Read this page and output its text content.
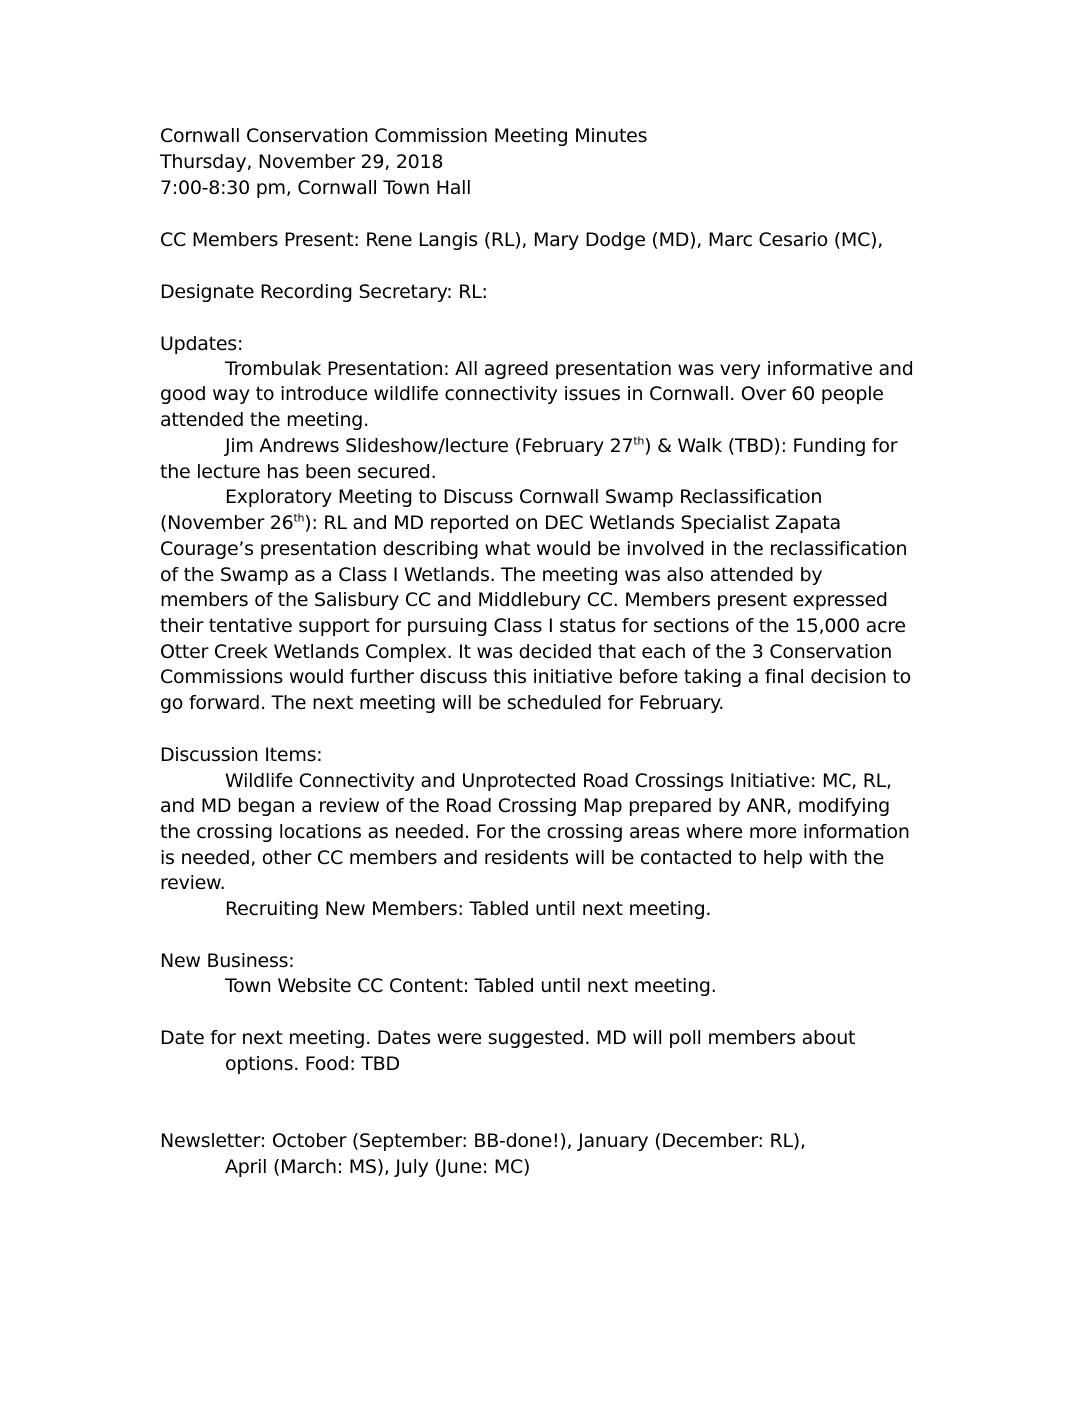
Cornwall Conservation Commission Meeting Minutes
Thursday, November 29, 2018
7:00-8:30 pm, Cornwall Town Hall
CC Members Present: Rene Langis (RL), Mary Dodge (MD), Marc Cesario (MC),
Designate Recording Secretary: RL:
Updates:
Trombulak Presentation: All agreed presentation was very informative and
good way to introduce wildlife connectivity issues in Cornwall. Over 60 people
attended the meeting.
Jim Andrews Slideshow/lecture (February 27th) & Walk (TBD): Funding for
the lecture has been secured.
Exploratory Meeting to Discuss Cornwall Swamp Reclassification
(November 26th): RL and MD reported on DEC Wetlands Specialist Zapata
Courage’s presentation describing what would be involved in the reclassification
of the Swamp as a Class I Wetlands. The meeting was also attended by
members of the Salisbury CC and Middlebury CC. Members present expressed
their tentative support for pursuing Class I status for sections of the 15,000 acre
Otter Creek Wetlands Complex. It was decided that each of the 3 Conservation
Commissions would further discuss this initiative before taking a final decision to
go forward. The next meeting will be scheduled for February.
Discussion Items:
Wildlife Connectivity and Unprotected Road Crossings Initiative: MC, RL,
and MD began a review of the Road Crossing Map prepared by ANR, modifying
the crossing locations as needed. For the crossing areas where more information
is needed, other CC members and residents will be contacted to help with the
review.
Recruiting New Members: Tabled until next meeting.
New Business:
Town Website CC Content: Tabled until next meeting.
Date for next meeting. Dates were suggested. MD will poll members about
options. Food: TBD
Newsletter: October (September: BB-done!), January (December: RL),
April (March: MS), July (June: MC)
